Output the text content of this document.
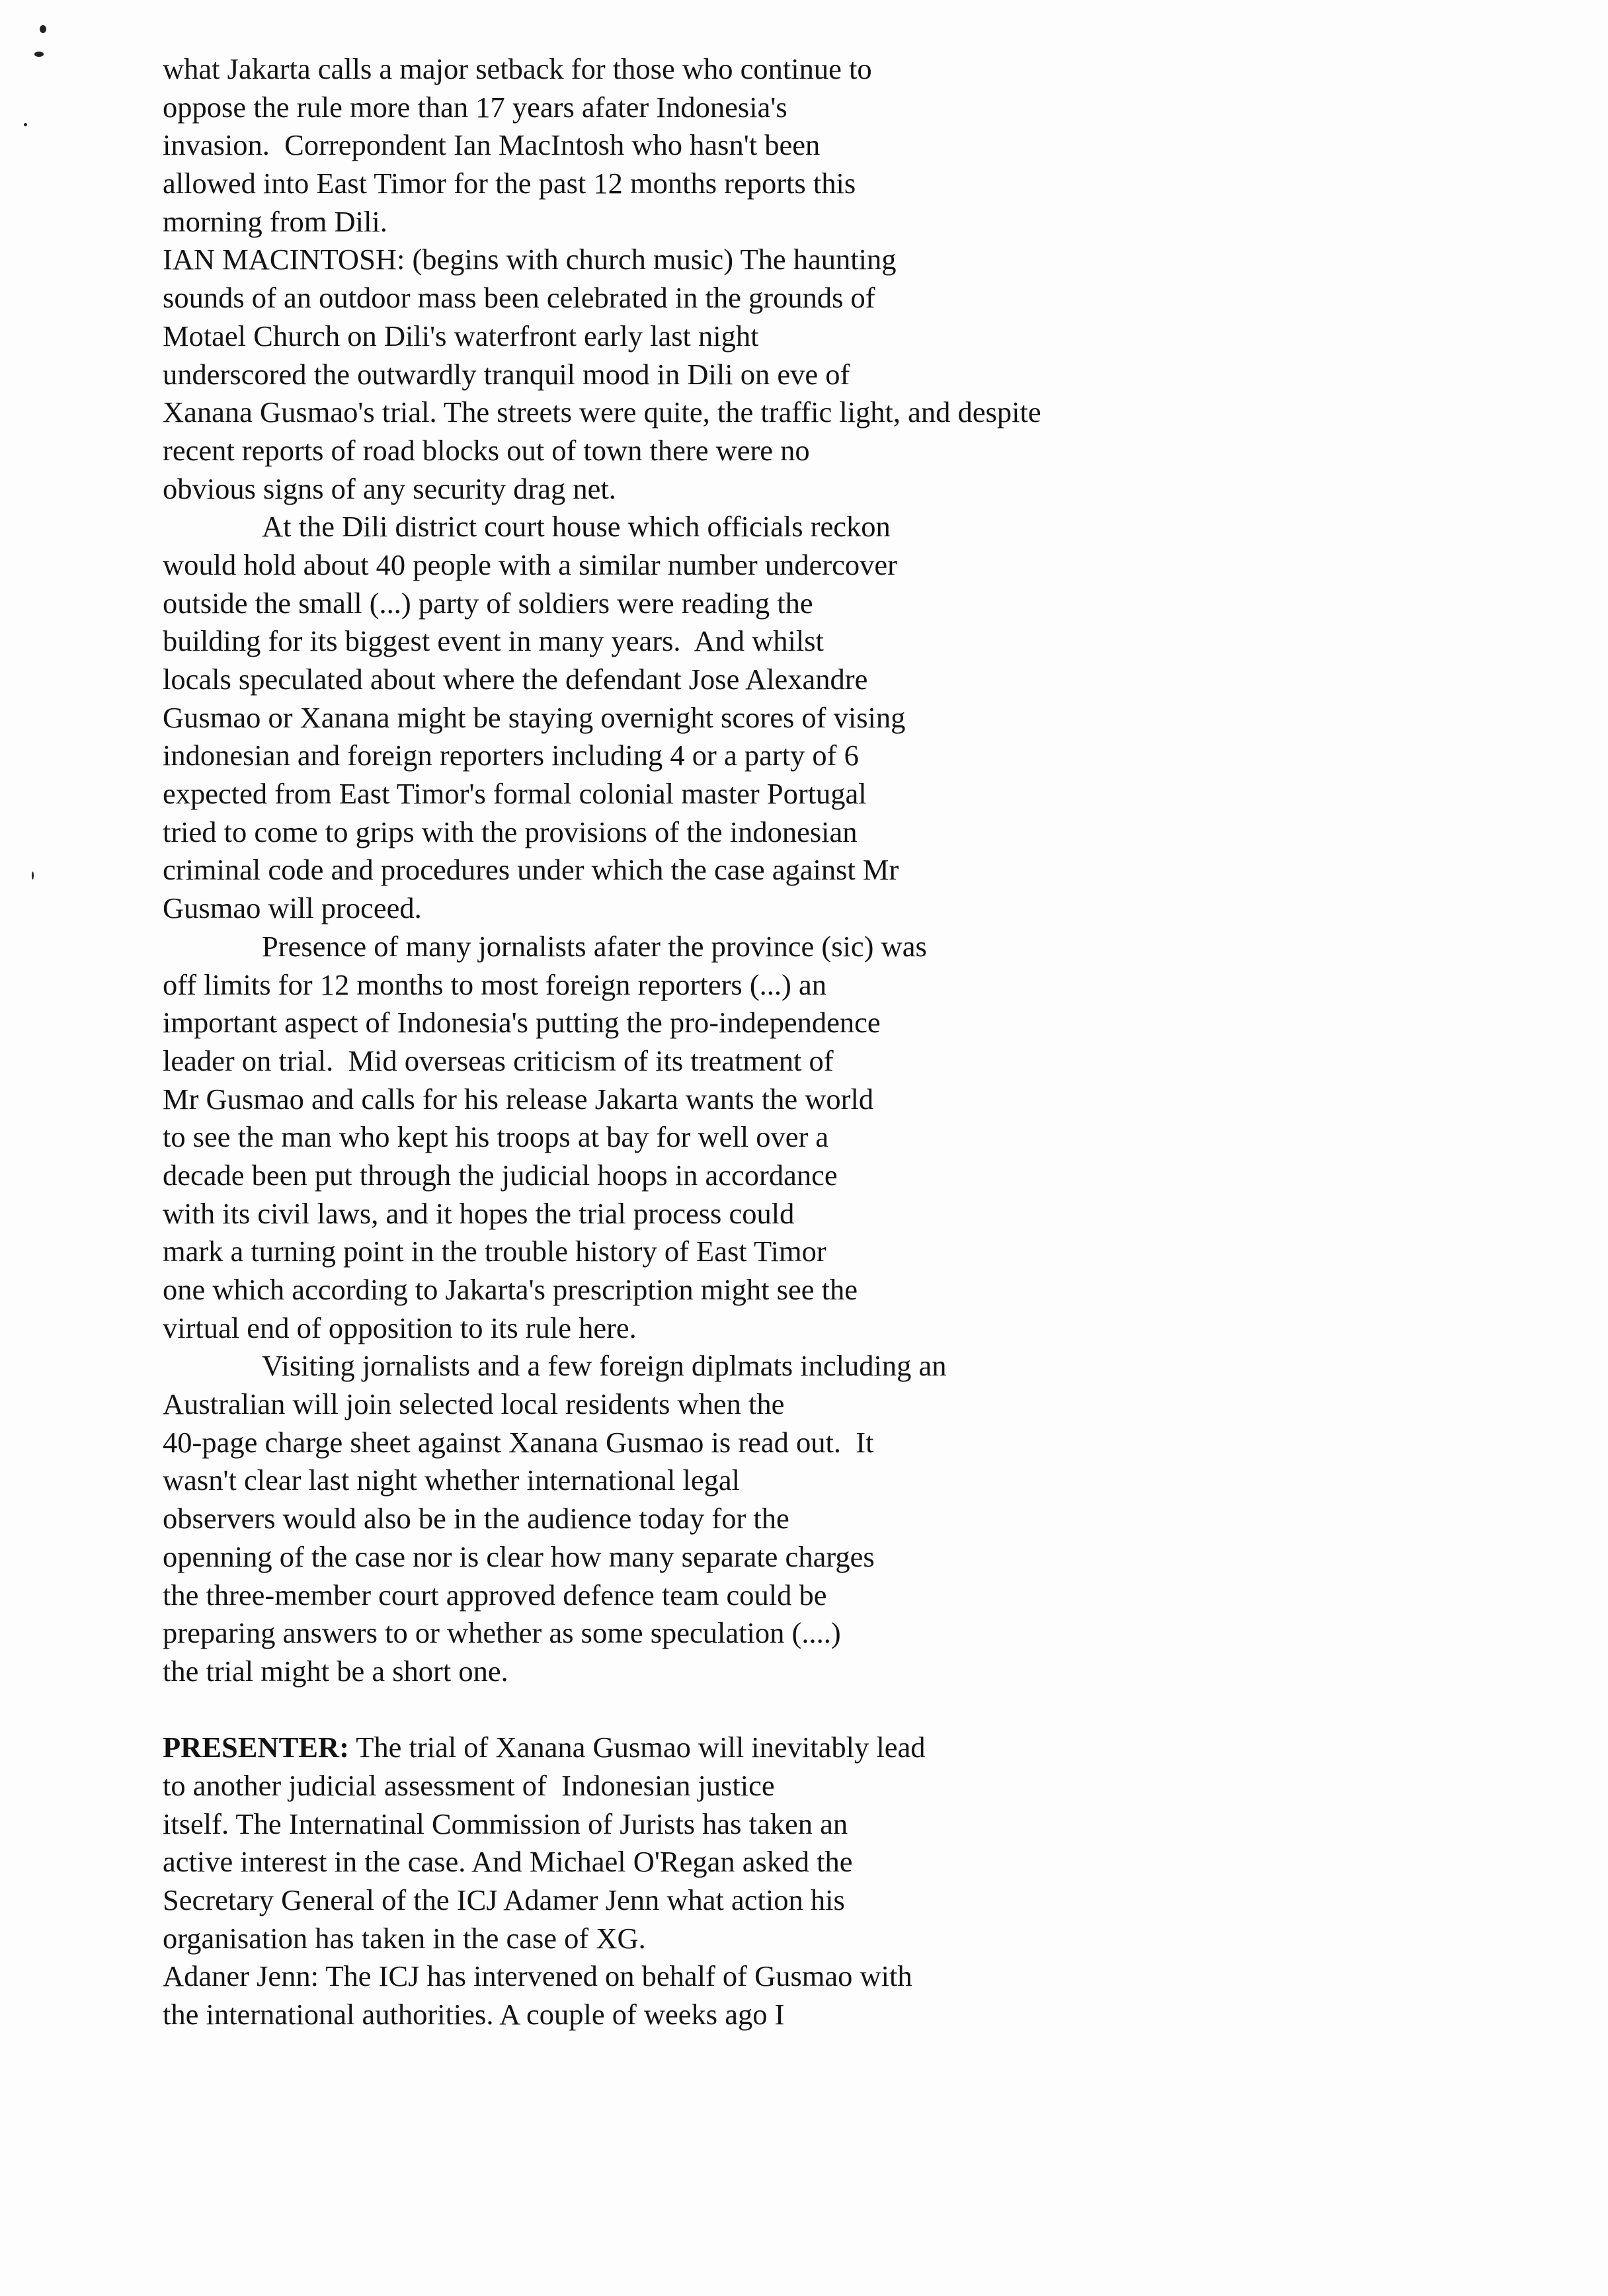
what Jakarta calls a major setback for those who continue to
oppose the rule more than 17 years afater Indonesia's
invasion.  Correpondent Ian MacIntosh who hasn't been
allowed into East Timor for the past 12 months reports this
morning from Dili.
IAN MACINTOSH: (begins with church music) The haunting
sounds of an outdoor mass been celebrated in the grounds of
Motael Church on Dili's waterfront early last night
underscored the outwardly tranquil mood in Dili on eve of
Xanana Gusmao's trial. The streets were quite, the traffic light, and despite
recent reports of road blocks out of town there were no
obvious signs of any security drag net.
At the Dili district court house which officials reckon
would hold about 40 people with a similar number undercover
outside the small (...) party of soldiers were reading the
building for its biggest event in many years.  And whilst
locals speculated about where the defendant Jose Alexandre
Gusmao or Xanana might be staying overnight scores of vising
indonesian and foreign reporters including 4 or a party of 6
expected from East Timor's formal colonial master Portugal
tried to come to grips with the provisions of the indonesian
criminal code and procedures under which the case against Mr
Gusmao will proceed.
Presence of many jornalists afater the province (sic) was
off limits for 12 months to most foreign reporters (...) an
important aspect of Indonesia's putting the pro-independence
leader on trial.  Mid overseas criticism of its treatment of
Mr Gusmao and calls for his release Jakarta wants the world
to see the man who kept his troops at bay for well over a
decade been put through the judicial hoops in accordance
with its civil laws, and it hopes the trial process could
mark a turning point in the trouble history of East Timor
one which according to Jakarta's prescription might see the
virtual end of opposition to its rule here.
Visiting jornalists and a few foreign diplmats including an
Australian will join selected local residents when the
40-page charge sheet against Xanana Gusmao is read out.  It
wasn't clear last night whether international legal
observers would also be in the audience today for the
openning of the case nor is clear how many separate charges
the three-member court approved defence team could be
preparing answers to or whether as some speculation (....)
the trial might be a short one.
PRESENTER: The trial of Xanana Gusmao will inevitably lead
to another judicial assessment of  Indonesian justice
itself. The Internatinal Commission of Jurists has taken an
active interest in the case. And Michael O'Regan asked the
Secretary General of the ICJ Adamer Jenn what action his
organisation has taken in the case of XG.
Adaner Jenn: The ICJ has intervened on behalf of Gusmao with
the international authorities. A couple of weeks ago I
